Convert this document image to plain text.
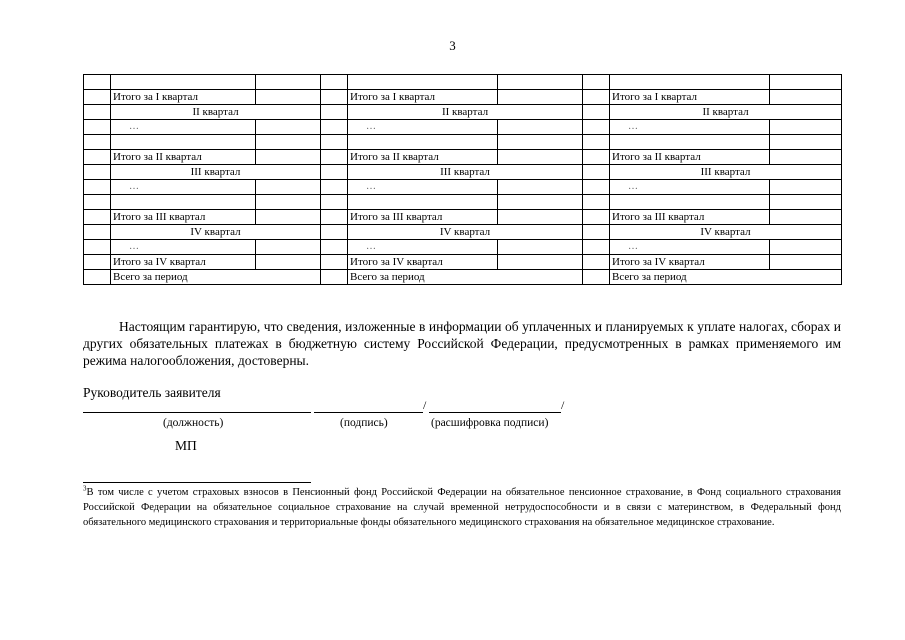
3

	Итого за I квартал			Итого за I квартал			Итого за I квартал	
	II квартал			II квартал			II квартал	
	…			…			…	

	Итого за II квартал			Итого за II квартал			Итого за II квартал	
	III квартал			III квартал			III квартал	
	…			…			…	

	Итого за III квартал			Итого за III квартал			Итого за III квартал	
	IV квартал			IV квартал			IV квартал	
	…			…			…	
	Итого за IV квартал			Итого за IV квартал			Итого за IV квартал	
	Всего за период			Всего за период			Всего за период	

Настоящим гарантирую, что сведения, изложенные в информации об уплаченных и планируемых к уплате налогах, сборах и других обязательных платежах в бюджетную систему Российской Федерации, предусмотренных в рамках применяемого им режима налогообложения, достоверны.

Руководитель заявителя
/	/
(должность)	(подпись)	(расшифровка подписи)
МП

$^3$В том числе с учетом страховых взносов в Пенсионный фонд Российской Федерации на обязательное пенсионное страхование, в Фонд социального страхования Российской Федерации на обязательное социальное страхование на случай временной нетрудоспособности и в связи с материнством, в Федеральный фонд обязательного медицинского страхования и территориальные фонды обязательного медицинского страхования на обязательное медицинское страхование.
